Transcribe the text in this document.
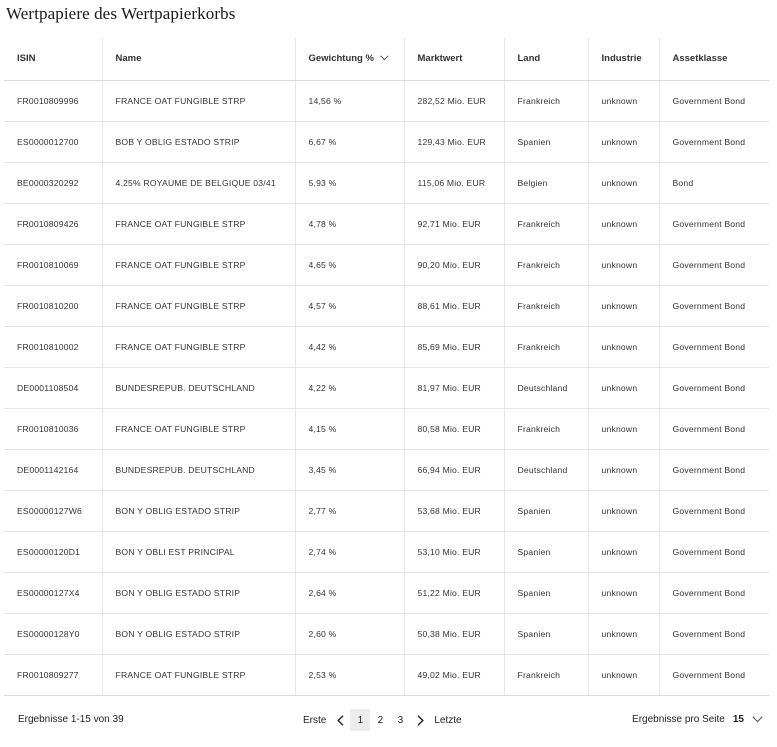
Wertpapiere des Wertpapierkorbs
ISIN	Name	Gewichtung %	Marktwert	Land	Industrie	Assetklasse
FR0010809996	FRANCE OAT FUNGIBLE STRP	14,56 %	282,52 Mio. EUR	Frankreich	unknown	Government Bond
ES0000012700	BOB Y OBLIG ESTADO STRIP	6,67 %	129,43 Mio. EUR	Spanien	unknown	Government Bond
BE0000320292	4.25% ROYAUME DE BELGIQUE 03/41	5,93 %	115,06 Mio. EUR	Belgien	unknown	Bond
FR0010809426	FRANCE OAT FUNGIBLE STRP	4,78 %	92,71 Mio. EUR	Frankreich	unknown	Government Bond
FR0010810069	FRANCE OAT FUNGIBLE STRP	4,65 %	90,20 Mio. EUR	Frankreich	unknown	Government Bond
FR0010810200	FRANCE OAT FUNGIBLE STRP	4,57 %	88,61 Mio. EUR	Frankreich	unknown	Government Bond
FR0010810002	FRANCE OAT FUNGIBLE STRP	4,42 %	85,69 Mio. EUR	Frankreich	unknown	Government Bond
DE0001108504	BUNDESREPUB. DEUTSCHLAND	4,22 %	81,97 Mio. EUR	Deutschland	unknown	Government Bond
FR0010810036	FRANCE OAT FUNGIBLE STRP	4,15 %	80,58 Mio. EUR	Frankreich	unknown	Government Bond
DE0001142164	BUNDESREPUB. DEUTSCHLAND	3,45 %	66,94 Mio. EUR	Deutschland	unknown	Government Bond
ES00000127W6	BON Y OBLIG ESTADO STRIP	2,77 %	53,68 Mio. EUR	Spanien	unknown	Government Bond
ES00000120D1	BON Y OBLI EST PRINCIPAL	2,74 %	53,10 Mio. EUR	Spanien	unknown	Government Bond
ES00000127X4	BON Y OBLIG ESTADO STRIP	2,64 %	51,22 Mio. EUR	Spanien	unknown	Government Bond
ES00000128Y0	BON Y OBLIG ESTADO STRIP	2,60 %	50,38 Mio. EUR	Spanien	unknown	Government Bond
FR0010809277	FRANCE OAT FUNGIBLE STRP	2,53 %	49,02 Mio. EUR	Frankreich	unknown	Government Bond
Ergebnisse 1-15 von 39	Erste	1	2	3	Letzte	Ergebnisse pro Seite 15
